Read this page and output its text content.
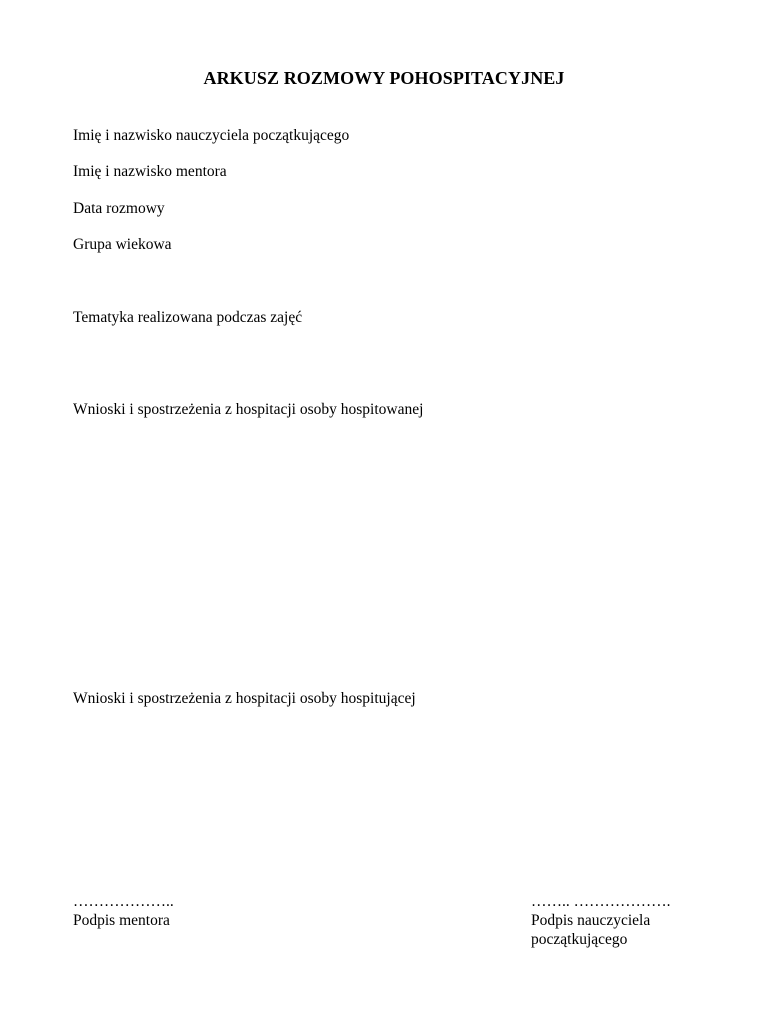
ARKUSZ ROZMOWY POHOSPITACYJNEJ
Imię i nazwisko nauczyciela początkującego
Imię i nazwisko mentora
Data rozmowy
Grupa wiekowa
Tematyka realizowana podczas zajęć
Wnioski i spostrzeżenia z hospitacji osoby hospitowanej
Wnioski i spostrzeżenia z hospitacji osoby hospitującej
………………..
Podpis mentora
…….. ……………….
Podpis nauczyciela początkującego
